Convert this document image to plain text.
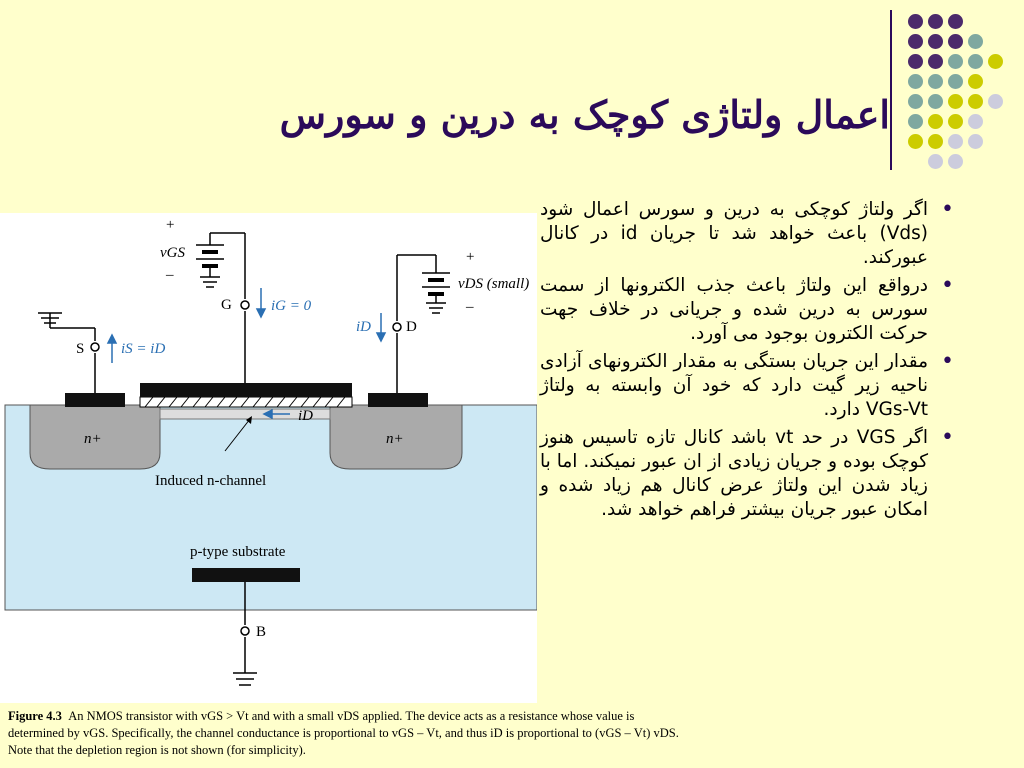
اعمال ولتاژی کوچک به درین و سورس
• اگر ولتاژ کوچکی به درین و سورس اعمال شود (Vds) باعث خواهد شد تا جریان id در کانال عبورکند.
• درواقع این ولتاژ باعث جذب الکترونها از سمت سورس به درین شده و جریانی در خلاف جهت حرکت الکترون بوجود می آورد.
• مقدار این جریان بستگی به مقدار الکترونهای آزادی ناحیه زیر گیت دارد که خود آن وابسته به ولتاژ VGs-Vt دارد.
• اگر VGS در حد vt باشد کانال تازه تاسیس هنوز کوچک بوده و جریان زیادی از ان عبور نمیکند. اما با زیاد شدن این ولتاژ عرض کانال هم زیاد شده و امکان عبور جریان بیشتر فراهم خواهد شد.
+
vGS
–
G	iG = 0
+
vDS (small)
–
S iS = iD
iD D
n+	n+
iD
Induced n-channel
p-type substrate
B
Figure 4.3 An NMOS transistor with vGS > Vt and with a small vDS applied. The device acts as a resistance whose value is
determined by vGS. Specifically, the channel conductance is proportional to vGS – Vt, and thus iD is proportional to (vGS – Vt) vDS.
Note that the depletion region is not shown (for simplicity).
